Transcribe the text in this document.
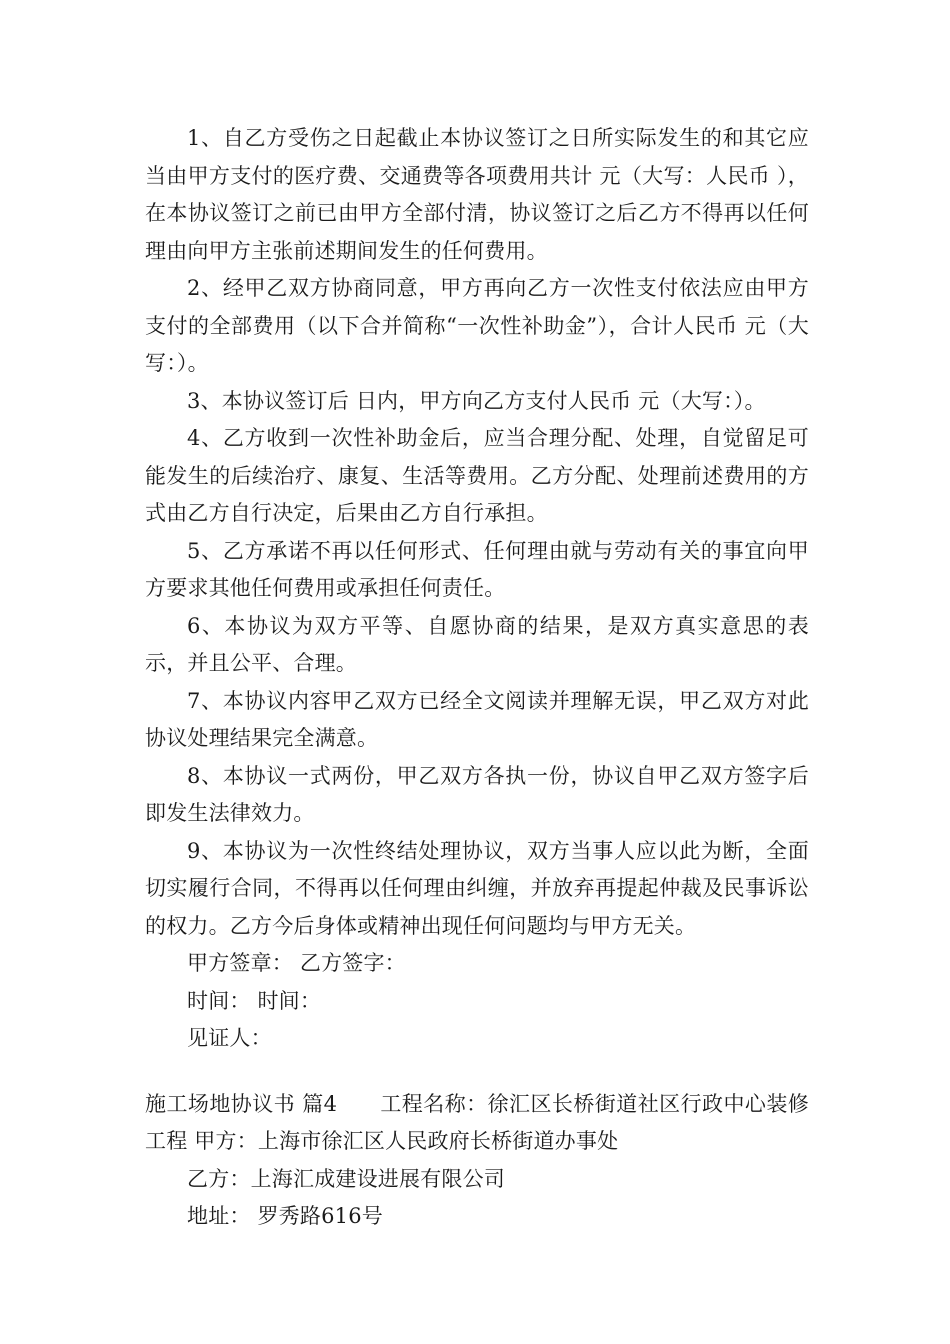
1、自乙方受伤之日起截止本协议签订之日所实际发生的和其它应当由甲方支付的医疗费、交通费等各项费用共计 元（大写：人民币 ），在本协议签订之前已由甲方全部付清，协议签订之后乙方不得再以任何理由向甲方主张前述期间发生的任何费用。

2、经甲乙双方协商同意，甲方再向乙方一次性支付依法应由甲方支付的全部费用（以下合并简称“一次性补助金”），合计人民币 元（大写：）。

3、本协议签订后 日内，甲方向乙方支付人民币 元（大写：）。

4、乙方收到一次性补助金后，应当合理分配、处理，自觉留足可能发生的后续治疗、康复、生活等费用。乙方分配、处理前述费用的方式由乙方自行决定，后果由乙方自行承担。

5、乙方承诺不再以任何形式、任何理由就与劳动有关的事宜向甲方要求其他任何费用或承担任何责任。

6、本协议为双方平等、自愿协商的结果，是双方真实意思的表示，并且公平、合理。

7、本协议内容甲乙双方已经全文阅读并理解无误，甲乙双方对此协议处理结果完全满意。

8、本协议一式两份，甲乙双方各执一份，协议自甲乙双方签字后即发生法律效力。

9、本协议为一次性终结处理协议，双方当事人应以此为断，全面切实履行合同，不得再以任何理由纠缠，并放弃再提起仲裁及民事诉讼的权力。乙方今后身体或精神出现任何问题均与甲方无关。

甲方签章： 乙方签字：

时间： 时间：

见证人：

施工场地协议书 篇4　　工程名称：徐汇区长桥街道社区行政中心装修工程 甲方：上海市徐汇区人民政府长桥街道办事处

乙方：上海汇成建设进展有限公司

地址： 罗秀路616号
